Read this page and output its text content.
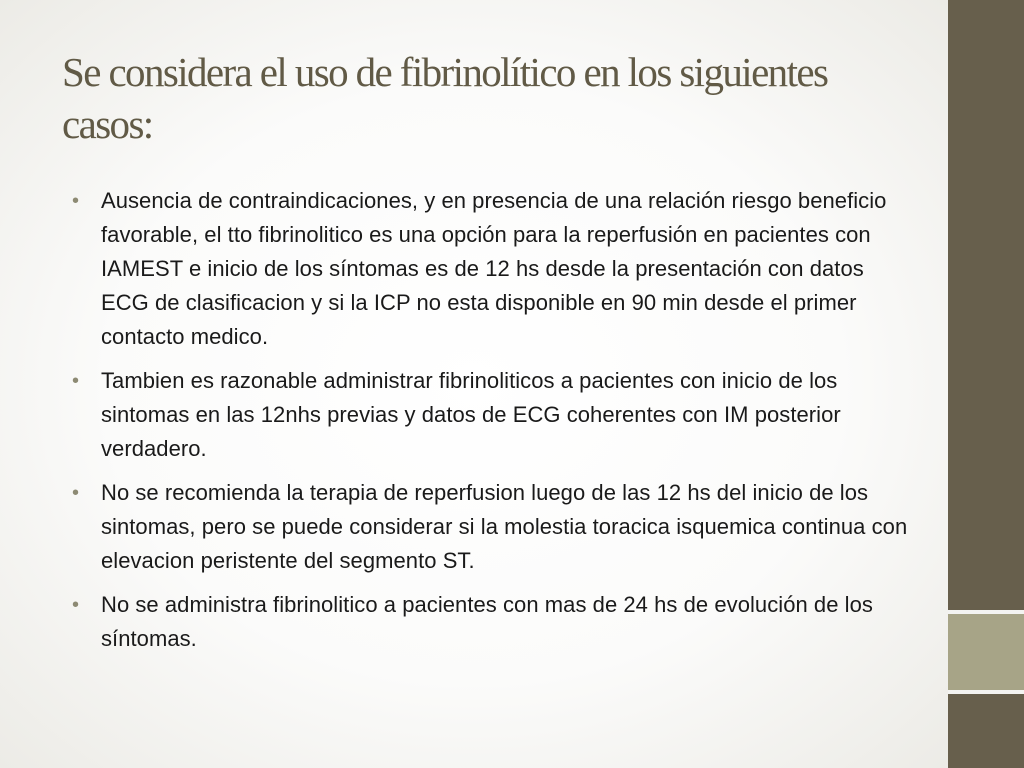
Se considera el uso de fibrinolítico en los siguientes casos:
• Ausencia de contraindicaciones, y en presencia de una relación riesgo beneficio favorable, el tto fibrinolitico es una opción para la reperfusión en pacientes con IAMEST e inicio de los síntomas es de 12 hs desde la presentación con datos ECG de clasificacion y si la ICP no esta disponible en 90 min desde el primer contacto medico.
• Tambien es razonable administrar fibrinoliticos a pacientes con inicio de los sintomas en las 12nhs previas y datos de ECG coherentes con IM posterior verdadero.
• No se recomienda la terapia de reperfusion luego de las 12 hs del inicio de los sintomas, pero se puede considerar si la molestia toracica isquemica continua con elevacion peristente del segmento ST.
• No se administra fibrinolitico a pacientes con mas de 24 hs de evolución de los síntomas.
